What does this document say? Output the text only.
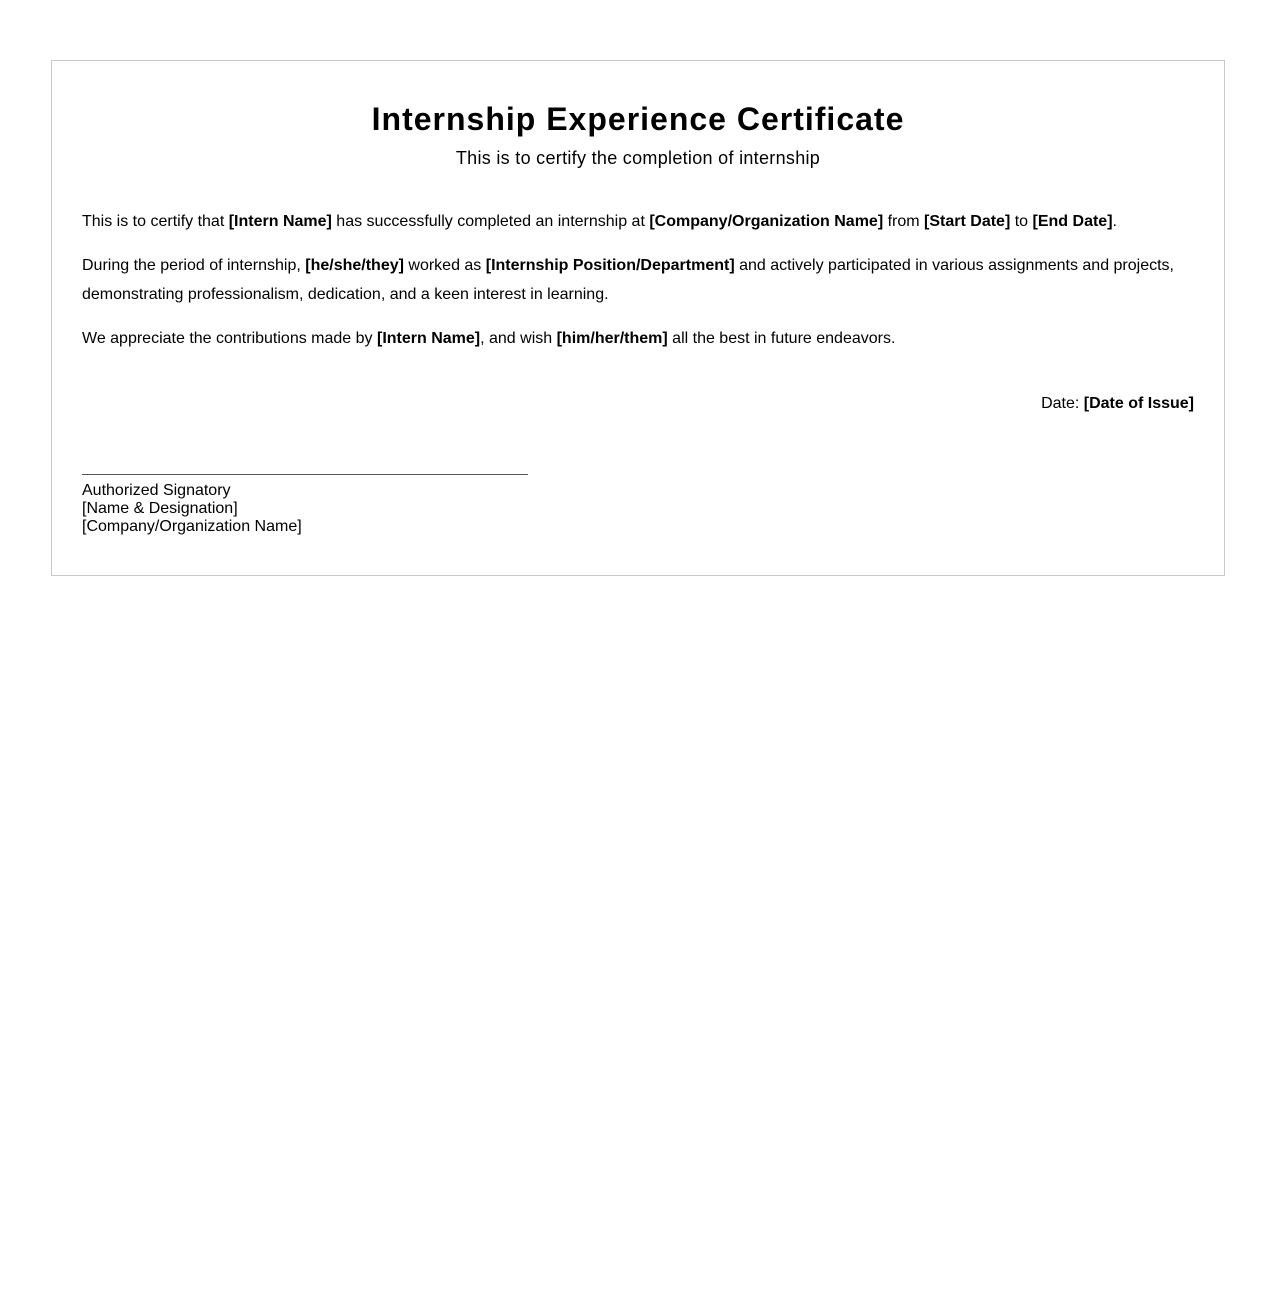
Internship Experience Certificate
This is to certify the completion of internship

This is to certify that [Intern Name] has successfully completed an internship at [Company/Organization Name] from [Start Date] to [End Date].

During the period of internship, [he/she/they] worked as [Internship Position/Department] and actively participated in various assignments and projects, demonstrating professionalism, dedication, and a keen interest in learning.

We appreciate the contributions made by [Intern Name], and wish [him/her/them] all the best in future endeavors.

Date: [Date of Issue]
Authorized Signatory
[Name & Designation]
[Company/Organization Name]
